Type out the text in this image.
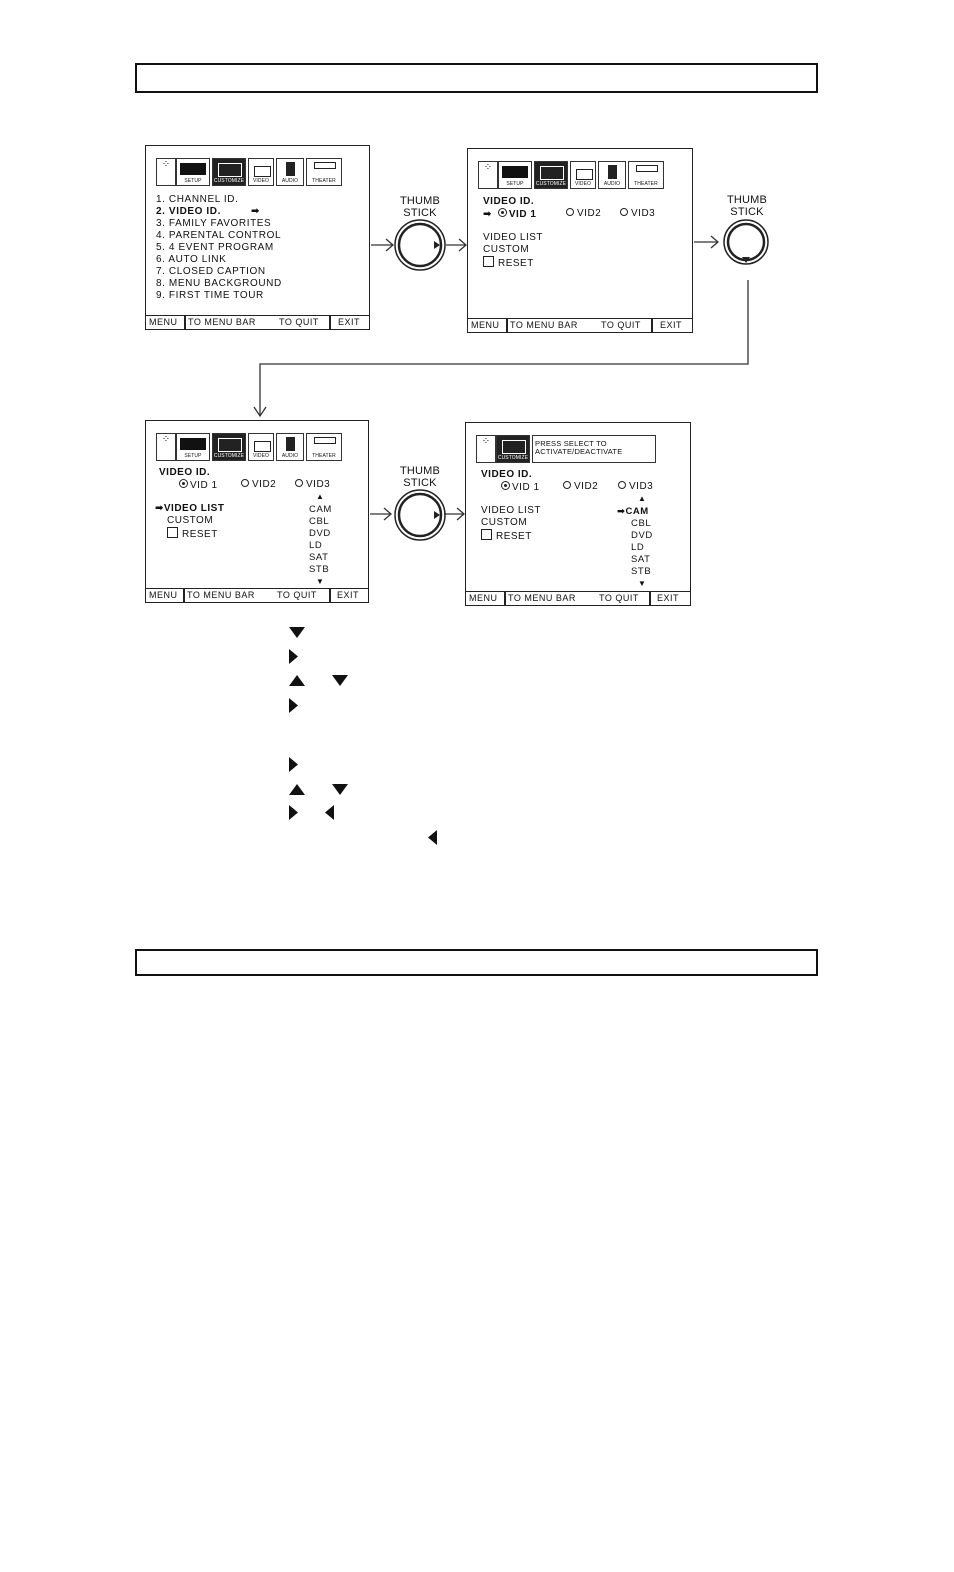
THUMB
STICK
THUMB
STICK
THUMB
STICK
⁘
SETUP	CUSTOMIZE	VIDEO	AUDIO	THEATER
1. CHANNEL ID.
2. VIDEO ID.	➡
3. FAMILY FAVORITES
4. PARENTAL CONTROL
5. 4 EVENT PROGRAM
6. AUTO LINK
7. CLOSED CAPTION
8. MENU BACKGROUND
9. FIRST TIME TOUR
MENU TO MENU BAR	TO QUIT EXIT
⁘
SETUP	CUSTOMIZE	VIDEO	AUDIO	THEATER
VIDEO ID.
➡ VID 1	VID2	VID3
VIDEO LIST
CUSTOM
RESET
MENU TO MENU BAR	TO QUIT EXIT
⁘
SETUP	CUSTOMIZE	VIDEO	AUDIO	THEATER
VIDEO ID.
VID 1	VID2	VID3
▲
➡VIDEO LIST
CUSTOM
RESET
CAM
CBL
DVD
LD
SAT
STB
▼
MENU TO MENU BAR TO QUIT EXIT
⁘
CUSTOMIZE
PRESS SELECT TO
ACTIVATE/DEACTIVATE
VIDEO ID.
VID 1	VID2	VID3
▲
VIDEO LIST
CUSTOM
RESET
➡CAM
CBL
DVD
LD
SAT
STB
▼
MENU TO MENU BAR	TO QUIT EXIT
